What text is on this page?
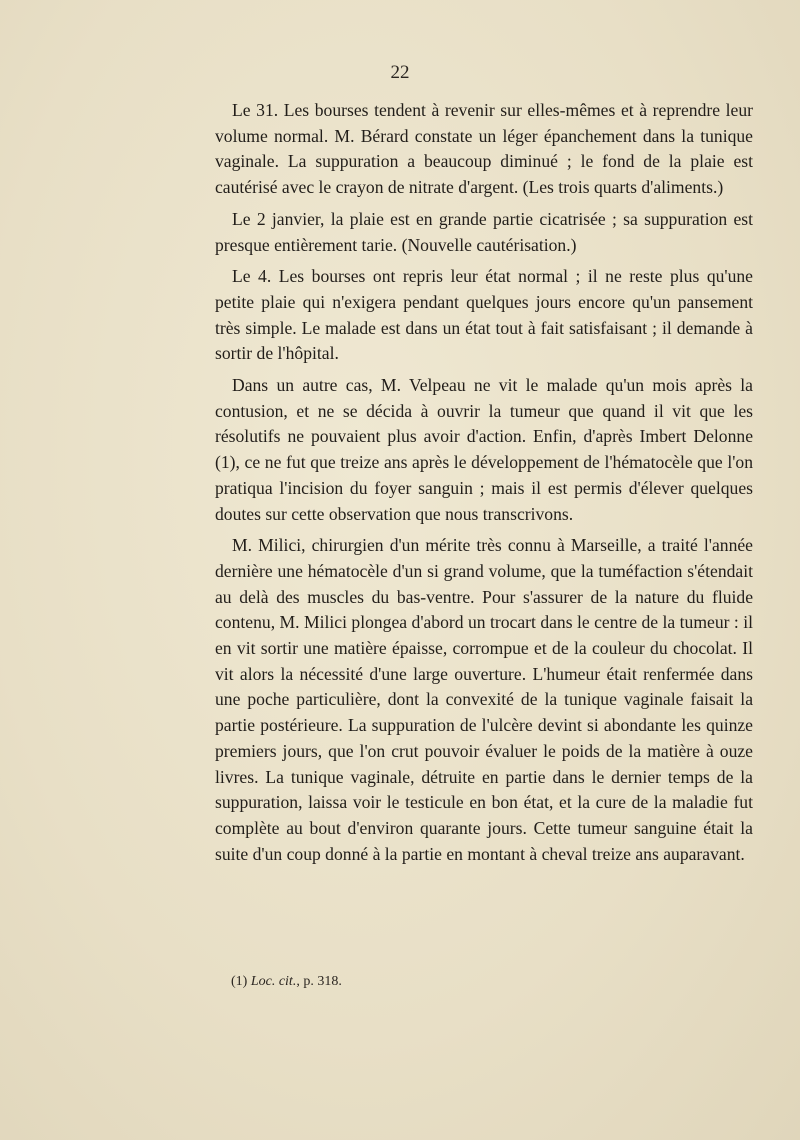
22

Le 31. Les bourses tendent à revenir sur elles-mêmes et à reprendre leur volume normal. M. Bérard constate un léger épanchement dans la tunique vaginale. La suppuration a beaucoup diminué ; le fond de la plaie est cautérisé avec le crayon de nitrate d'argent. (Les trois quarts d'aliments.)

Le 2 janvier, la plaie est en grande partie cicatrisée ; sa suppuration est presque entièrement tarie. (Nouvelle cautérisation.)

Le 4. Les bourses ont repris leur état normal ; il ne reste plus qu'une petite plaie qui n'exigera pendant quelques jours encore qu'un pansement très simple. Le malade est dans un état tout à fait satisfaisant ; il demande à sortir de l'hôpital.

Dans un autre cas, M. Velpeau ne vit le malade qu'un mois après la contusion, et ne se décida à ouvrir la tumeur que quand il vit que les résolutifs ne pouvaient plus avoir d'action. Enfin, d'après Imbert Delonne (1), ce ne fut que treize ans après le développement de l'hématocèle que l'on pratiqua l'incision du foyer sanguin ; mais il est permis d'élever quelques doutes sur cette observation que nous transcrivons.

M. Milici, chirurgien d'un mérite très connu à Marseille, a traité l'année dernière une hématocèle d'un si grand volume, que la tuméfaction s'étendait au delà des muscles du bas-ventre. Pour s'assurer de la nature du fluide contenu, M. Milici plongea d'abord un trocart dans le centre de la tumeur : il en vit sortir une matière épaisse, corrompue et de la couleur du chocolat. Il vit alors la nécessité d'une large ouverture. L'humeur était renfermée dans une poche particulière, dont la convexité de la tunique vaginale faisait la partie postérieure. La suppuration de l'ulcère devint si abondante les quinze premiers jours, que l'on crut pouvoir évaluer le poids de la matière à ouze livres. La tunique vaginale, détruite en partie dans le dernier temps de la suppuration, laissa voir le testicule en bon état, et la cure de la maladie fut complète au bout d'environ quarante jours. Cette tumeur sanguine était la suite d'un coup donné à la partie en montant à cheval treize ans auparavant.

(1) Loc. cit., p. 318.
